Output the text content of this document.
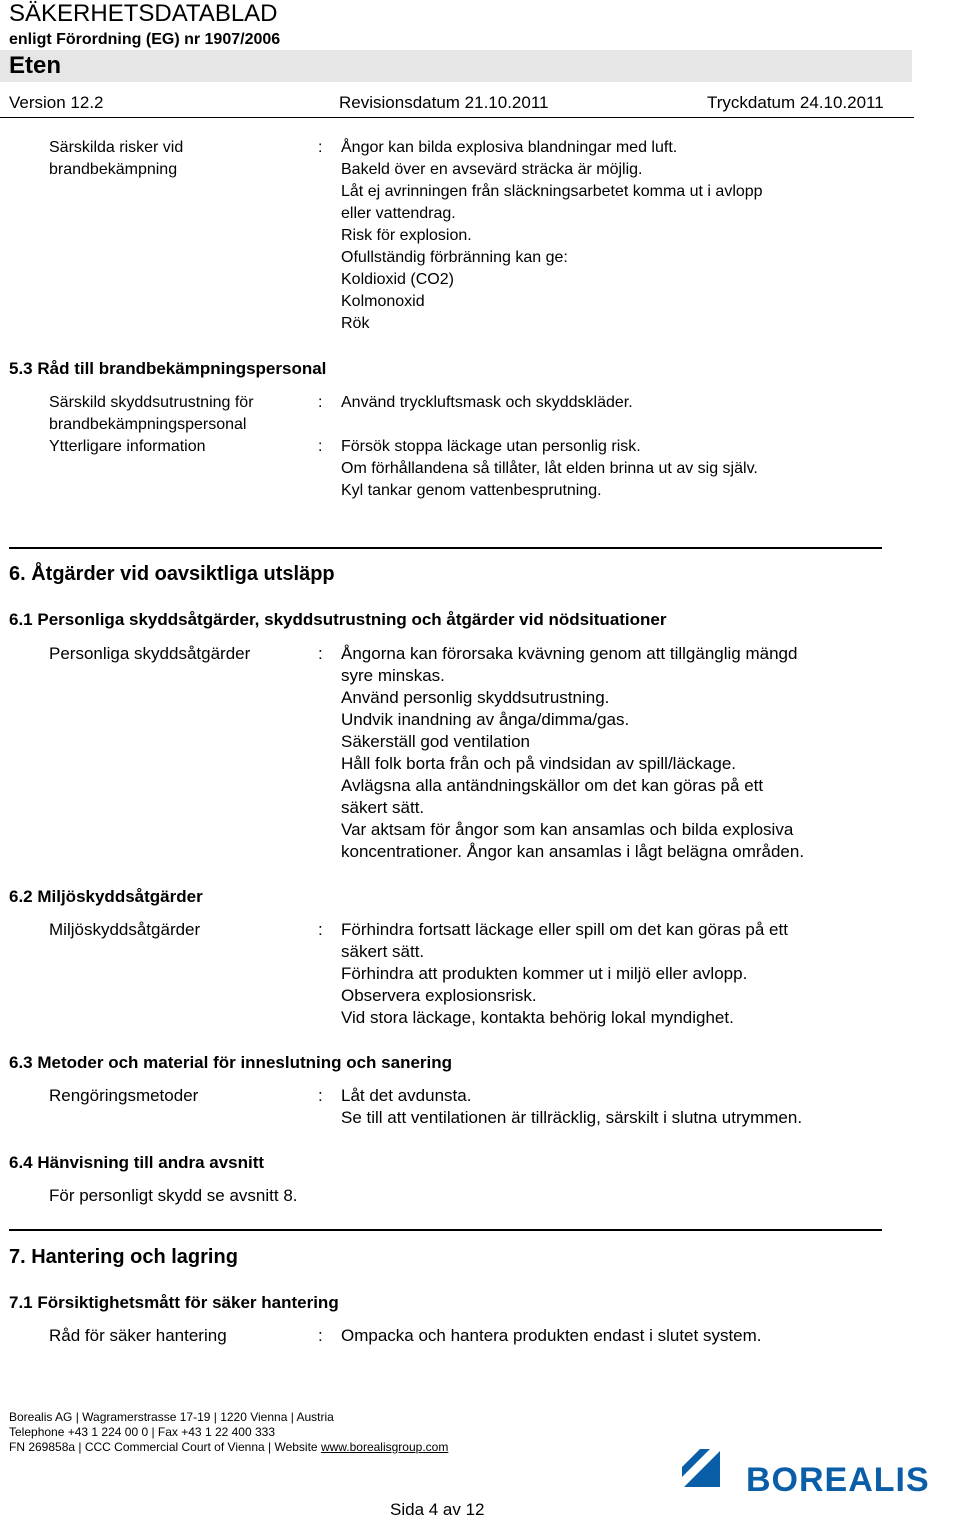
SÄKERHETSDATABLAD
enligt Förordning (EG) nr 1907/2006
Eten
Version 12.2	Revisionsdatum 21.10.2011	Tryckdatum 24.10.2011
Särskilda risker vid
brandbekämpning
: Ångor kan bilda explosiva blandningar med luft.
Bakeld över en avsevärd sträcka är möjlig.
Låt ej avrinningen från släckningsarbetet komma ut i avlopp
eller vattendrag.
Risk för explosion.
Ofullständig förbränning kan ge:
Koldioxid (CO2)
Kolmonoxid
Rök
5.3 Råd till brandbekämpningspersonal
Särskild skyddsutrustning för
brandbekämpningspersonal
: Använd tryckluftsmask och skyddskläder.
Ytterligare information	: Försök stoppa läckage utan personlig risk.
Om förhållandena så tillåter, låt elden brinna ut av sig själv.
Kyl tankar genom vattenbesprutning.
6. Åtgärder vid oavsiktliga utsläpp
6.1 Personliga skyddsåtgärder, skyddsutrustning och åtgärder vid nödsituationer
Personliga skyddsåtgärder	: Ångorna kan förorsaka kvävning genom att tillgänglig mängd
syre minskas.
Använd personlig skyddsutrustning.
Undvik inandning av ånga/dimma/gas.
Säkerställ god ventilation
Håll folk borta från och på vindsidan av spill/läckage.
Avlägsna alla antändningskällor om det kan göras på ett
säkert sätt.
Var aktsam för ångor som kan ansamlas och bilda explosiva
koncentrationer. Ångor kan ansamlas i lågt belägna områden.
6.2 Miljöskyddsåtgärder
Miljöskyddsåtgärder	: Förhindra fortsatt läckage eller spill om det kan göras på ett
säkert sätt.
Förhindra att produkten kommer ut i miljö eller avlopp.
Observera explosionsrisk.
Vid stora läckage, kontakta behörig lokal myndighet.
6.3 Metoder och material för inneslutning och sanering
Rengöringsmetoder	: Låt det avdunsta.
Se till att ventilationen är tillräcklig, särskilt i slutna utrymmen.
6.4 Hänvisning till andra avsnitt
För personligt skydd se avsnitt 8.
7. Hantering och lagring
7.1 Försiktighetsmått för säker hantering
Råd för säker hantering	: Ompacka och hantera produkten endast i slutet system.
Borealis AG | Wagramerstrasse 17-19 | 1220 Vienna | Austria
Telephone +43 1 224 00 0 | Fax +43 1 22 400 333
FN 269858a | CCC Commercial Court of Vienna | Website www.borealisgroup.com
BOREALIS
Sida 4 av 12
